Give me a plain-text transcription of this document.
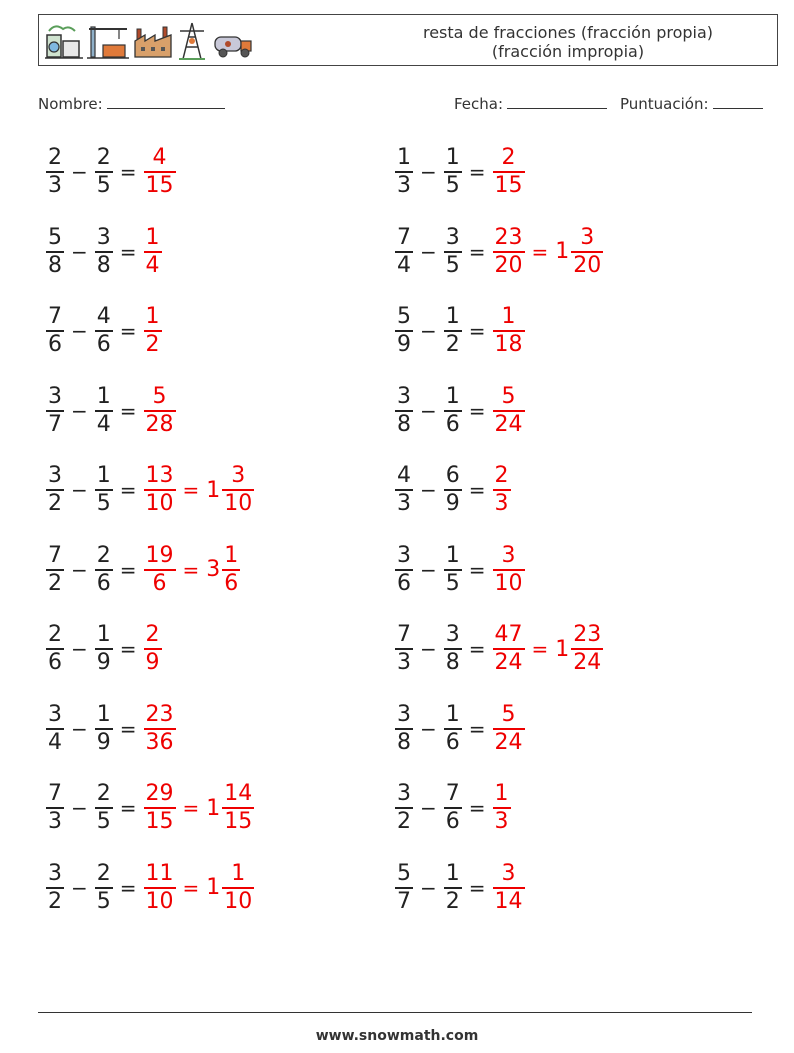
resta de fracciones (fracción propia)
(fracción impropia)
Nombre:	Fecha:	Puntuación:
$\frac{2}{3} - \frac{2}{5} = \frac{4}{15}$	$\frac{1}{3} - \frac{1}{5} = \frac{2}{15}$
$\frac{5}{8} - \frac{3}{8} = \frac{1}{4}$	$\frac{7}{4} - \frac{3}{5} = \frac{23}{20} = 1 \frac{3}{20}$
$\frac{7}{6} - \frac{4}{6} = \frac{1}{2}$	$\frac{5}{9} - \frac{1}{2} = \frac{1}{18}$
$\frac{3}{7} - \frac{1}{4} = \frac{5}{28}$	$\frac{3}{8} - \frac{1}{6} = \frac{5}{24}$
$\frac{3}{2} - \frac{1}{5} = \frac{13}{10} = 1 \frac{3}{10}$	$\frac{4}{3} - \frac{6}{9} = \frac{2}{3}$
$\frac{7}{2} - \frac{2}{6} = \frac{19}{6} = 3 \frac{1}{6}$	$\frac{3}{6} - \frac{1}{5} = \frac{3}{10}$
$\frac{2}{6} - \frac{1}{9} = \frac{2}{9}$	$\frac{7}{3} - \frac{3}{8} = \frac{47}{24} = 1 \frac{23}{24}$
$\frac{3}{4} - \frac{1}{9} = \frac{23}{36}$	$\frac{3}{8} - \frac{1}{6} = \frac{5}{24}$
$\frac{7}{3} - \frac{2}{5} = \frac{29}{15} = 1 \frac{14}{15}$	$\frac{3}{2} - \frac{7}{6} = \frac{1}{3}$
$\frac{3}{2} - \frac{2}{5} = \frac{11}{10} = 1 \frac{1}{10}$	$\frac{5}{7} - \frac{1}{2} = \frac{3}{14}$
www.snowmath.com
